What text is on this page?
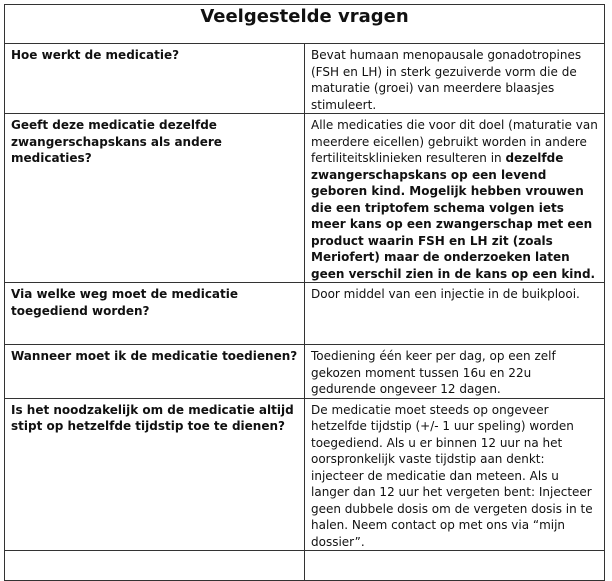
Veelgestelde vragen	
Hoe werkt de medicatie?	Bevat humaan menopausale gonadotropines (FSH en LH) in sterk gezuiverde vorm die de maturatie (groei) van meerdere blaasjes stimuleert.
Geeft deze medicatie dezelfde zwangerschapskans als andere medicaties?	Alle medicaties die voor dit doel (maturatie van meerdere eicellen) gebruikt worden in andere fertiliteitsklinieken resulteren in dezelfde zwangerschapskans op een levend geboren kind. Mogelijk hebben vrouwen die een triptofem schema volgen iets meer kans op een zwangerschap met een product waarin FSH en LH zit (zoals Meriofert) maar de onderzoeken laten geen verschil zien in de kans op een kind.
Via welke weg moet de medicatie toegediend worden?	Door middel van een injectie in de buikplooi.
Wanneer moet ik de medicatie toedienen?	Toediening één keer per dag, op een zelf gekozen moment tussen 16u en 22u gedurende ongeveer 12 dagen.
Is het noodzakelijk om de medicatie altijd stipt op hetzelfde tijdstip toe te dienen?	De medicatie moet steeds op ongeveer hetzelfde tijdstip (+/- 1 uur speling) worden toegediend. Als u er binnen 12 uur na het oorspronkelijk vaste tijdstip aan denkt: injecteer de medicatie dan meteen. Als u langer dan 12 uur het vergeten bent: Injecteer geen dubbele dosis om de vergeten dosis in te halen. Neem contact op met ons via “mijn dossier”.
